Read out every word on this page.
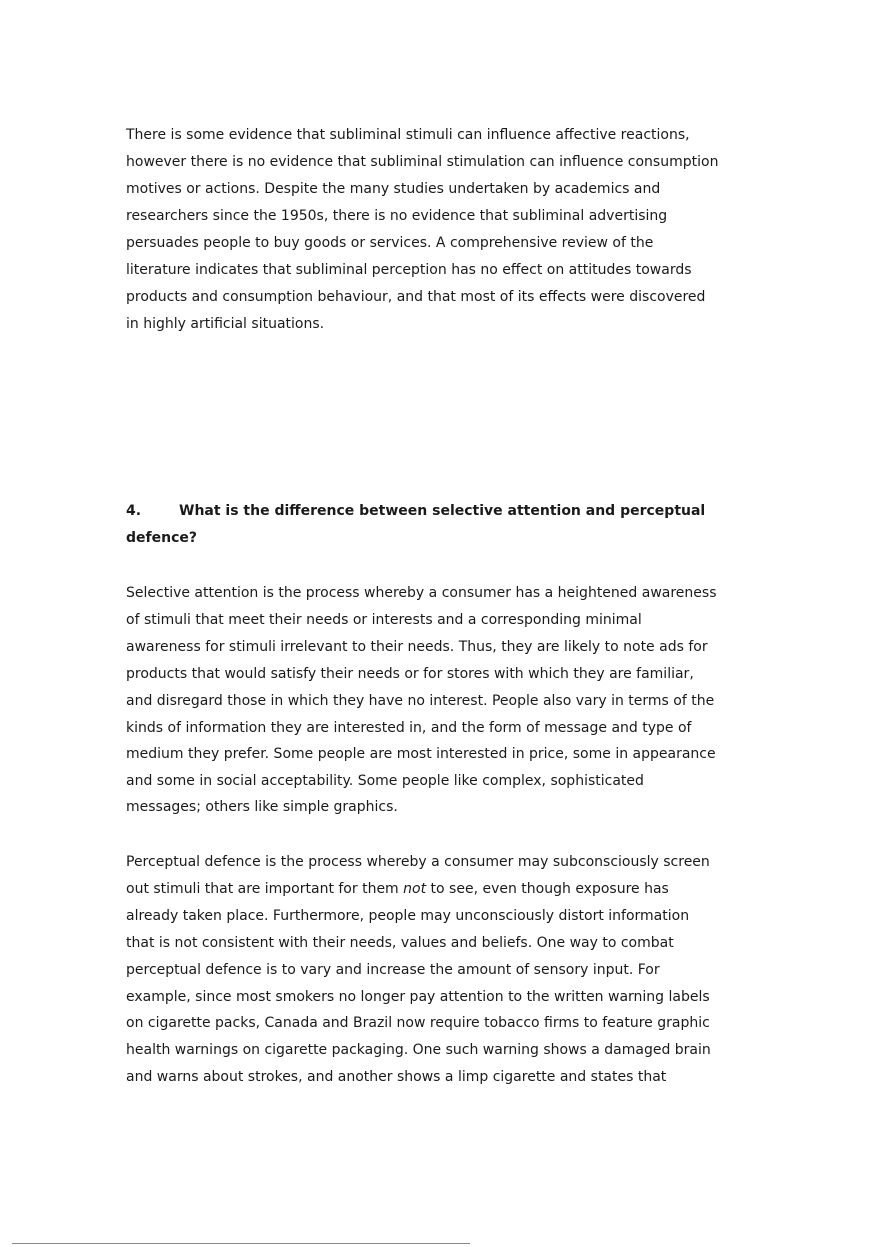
There is some evidence that subliminal stimuli can influence affective reactions,
however there is no evidence that subliminal stimulation can influence consumption
motives or actions. Despite the many studies undertaken by academics and
researchers since the 1950s, there is no evidence that subliminal advertising
persuades people to buy goods or services. A comprehensive review of the
literature indicates that subliminal perception has no effect on attitudes towards
products and consumption behaviour, and that most of its effects were discovered
in highly artificial situations.
4.	What is the difference between selective attention and perceptual
defence?
Selective attention is the process whereby a consumer has a heightened awareness
of stimuli that meet their needs or interests and a corresponding minimal
awareness for stimuli irrelevant to their needs. Thus, they are likely to note ads for
products that would satisfy their needs or for stores with which they are familiar,
and disregard those in which they have no interest. People also vary in terms of the
kinds of information they are interested in, and the form of message and type of
medium they prefer. Some people are most interested in price, some in appearance
and some in social acceptability. Some people like complex, sophisticated
messages; others like simple graphics.
Perceptual defence is the process whereby a consumer may subconsciously screen
out stimuli that are important for them not to see, even though exposure has
already taken place. Furthermore, people may unconsciously distort information
that is not consistent with their needs, values and beliefs. One way to combat
perceptual defence is to vary and increase the amount of sensory input. For
example, since most smokers no longer pay attention to the written warning labels
on cigarette packs, Canada and Brazil now require tobacco firms to feature graphic
health warnings on cigarette packaging. One such warning shows a damaged brain
and warns about strokes, and another shows a limp cigarette and states that
